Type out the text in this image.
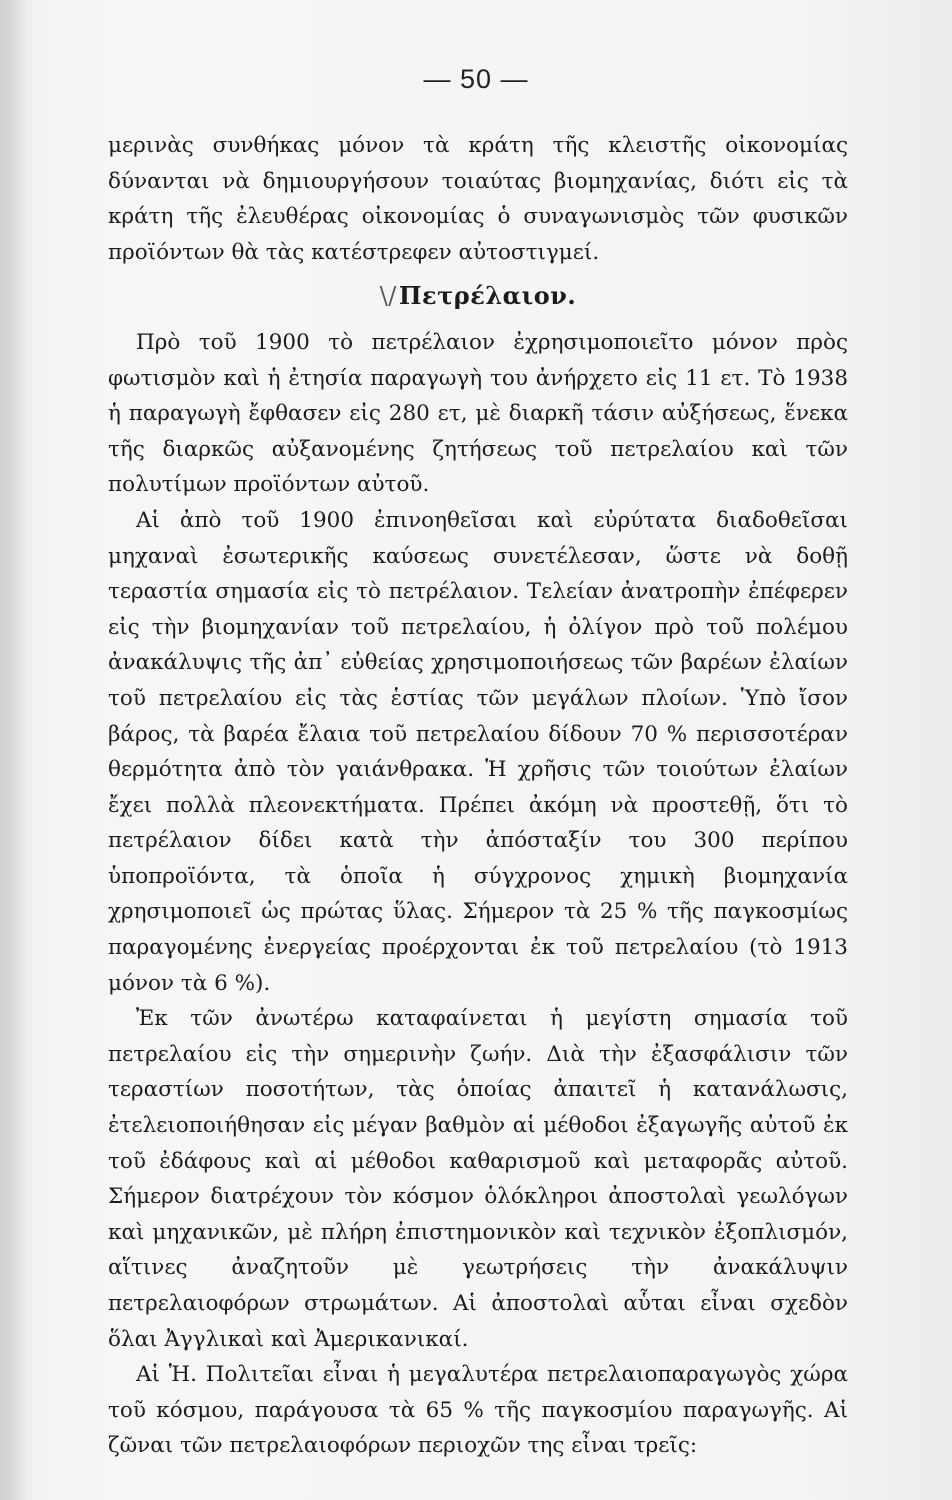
— 50 —

μερινὰς συνθήκας μόνον τὰ κράτη τῆς κλειστῆς οἰκονομίας δύνανται νὰ δημιουργήσουν τοιαύτας βιομηχανίας, διότι εἰς τὰ κράτη τῆς ἐλευθέρας οἰκονομίας ὁ συναγωνισμὸς τῶν φυσικῶν προϊόντων θὰ τὰς κατέστρεφεν αὐτοστιγμεί.

\/Πετρέλαιον.

Πρὸ τοῦ 1900 τὸ πετρέλαιον ἐχρησιμοποιεῖτο μόνον πρὸς φωτισμὸν καὶ ἡ ἐτησία παραγωγὴ του ἀνήρχετο εἰς 11 ετ. Τὸ 1938 ἡ παραγωγὴ ἔφθασεν εἰς 280 ετ, μὲ διαρκῆ τάσιν αὐξήσεως, ἕνεκα τῆς διαρκῶς αὐξανομένης ζητήσεως τοῦ πετρελαίου καὶ τῶν πολυτίμων προϊόντων αὐτοῦ.

Αἱ ἀπὸ τοῦ 1900 ἐπινοηθεῖσαι καὶ εὐρύτατα διαδοθεῖσαι μηχαναὶ ἐσωτερικῆς καύσεως συνετέλεσαν, ὥστε νὰ δοθῇ τεραστία σημασία εἰς τὸ πετρέλαιον. Τελείαν ἀνατροπὴν ἐπέφερεν εἰς τὴν βιομηχανίαν τοῦ πετρελαίου, ἡ ὀλίγον πρὸ τοῦ πολέμου ἀνακάλυψις τῆς ἀπ᾽ εὐθείας χρησιμοποιήσεως τῶν βαρέων ἐλαίων τοῦ πετρελαίου εἰς τὰς ἑστίας τῶν μεγάλων πλοίων. Ὑπὸ ἴσον βάρος, τὰ βαρέα ἔλαια τοῦ πετρελαίου δίδουν 70 % περισσοτέραν θερμότητα ἀπὸ τὸν γαιάνθρακα. Ἡ χρῆσις τῶν τοιούτων ἐλαίων ἔχει πολλὰ πλεονεκτήματα. Πρέπει ἀκόμη νὰ προστεθῇ, ὅτι τὸ πετρέλαιον δίδει κατὰ τὴν ἀπόσταξίν του 300 περίπου ὑποπροϊόντα, τὰ ὁποῖα ἡ σύγχρονος χημικὴ βιομηχανία χρησιμοποιεῖ ὡς πρώτας ὕλας. Σήμερον τὰ 25 % τῆς παγκοσμίως παραγομένης ἐνεργείας προέρχονται ἐκ τοῦ πετρελαίου (τὸ 1913 μόνον τὰ 6 %).

Ἐκ τῶν ἀνωτέρω καταφαίνεται ἡ μεγίστη σημασία τοῦ πετρελαίου εἰς τὴν σημερινὴν ζωήν. Διὰ τὴν ἐξασφάλισιν τῶν τεραστίων ποσοτήτων, τὰς ὁποίας ἀπαιτεῖ ἡ κατανάλωσις, ἐτελειοποιήθησαν εἰς μέγαν βαθμὸν αἱ μέθοδοι ἐξαγωγῆς αὐτοῦ ἐκ τοῦ ἐδάφους καὶ αἱ μέθοδοι καθαρισμοῦ καὶ μεταφορᾶς αὐτοῦ. Σήμερον διατρέχουν τὸν κόσμον ὁλόκληροι ἀποστολαὶ γεωλόγων καὶ μηχανικῶν, μὲ πλήρη ἐπιστημονικὸν καὶ τεχνικὸν ἐξοπλισμόν, αἵτινες ἀναζητοῦν μὲ γεωτρήσεις τὴν ἀνακάλυψιν πετρελαιοφόρων στρωμάτων. Αἱ ἀποστολαὶ αὗται εἶναι σχεδὸν ὅλαι Ἀγγλικαὶ καὶ Ἀμερικανικαί.

Αἱ Ἡ. Πολιτεῖαι εἶναι ἡ μεγαλυτέρα πετρελαιοπαραγωγὸς χώρα τοῦ κόσμου, παράγουσα τὰ 65 % τῆς παγκοσμίου παραγωγῆς. Αἱ ζῶναι τῶν πετρελαιοφόρων περιοχῶν της εἶναι τρεῖς:
